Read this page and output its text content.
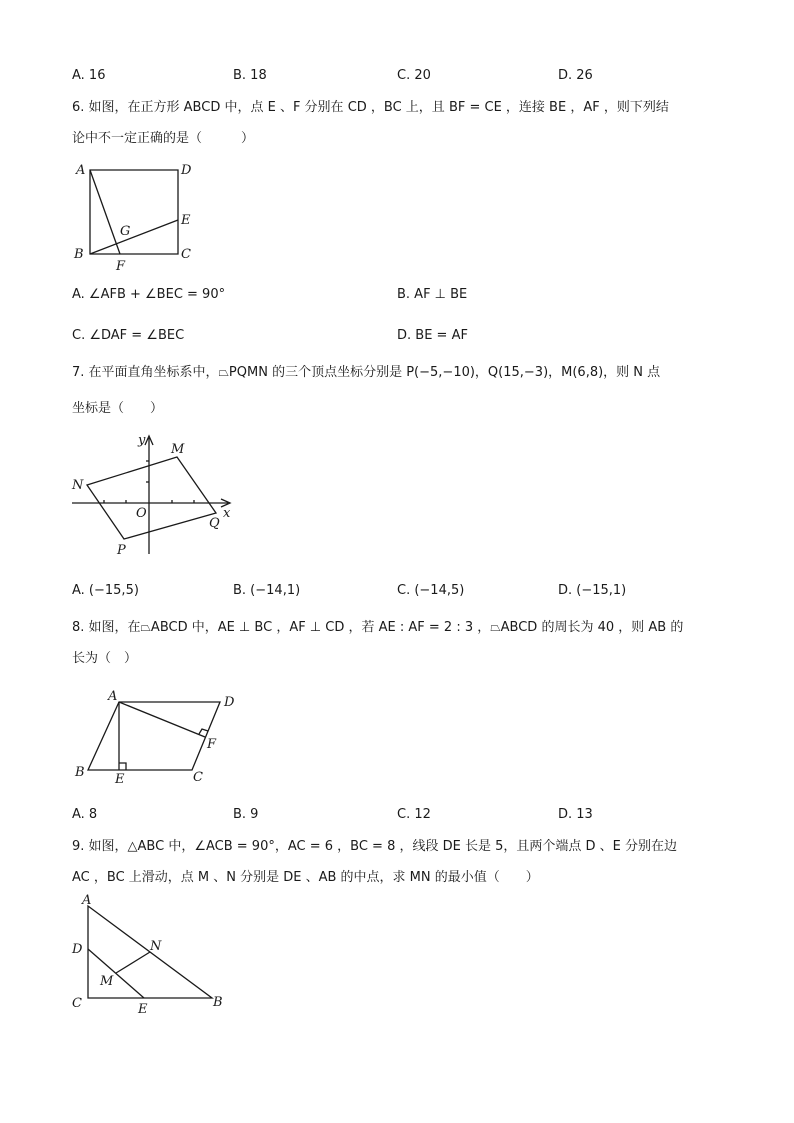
A. 16	B. 18	C. 20	D. 26
6. 如图，在正方形 ABCD 中，点 E 、F 分别在 CD ，BC 上，且 BF = CE ，连接 BE ，AF ，则下列结
论中不一定正确的是（　　　）
A	D
E
G
B	C
F
A. ∠AFB + ∠BEC = 90°	B. AF ⊥ BE
C. ∠DAF = ∠BEC	D. BE = AF
7. 在平面直角坐标系中，⏢PQMN 的三个顶点坐标分别是 P(−5,−10)，Q(15,−3)，M(6,8)，则 N 点
坐标是（　　）
y
M
N
O	x
Q
P
A. (−15,5)	B. (−14,1)	C. (−14,5)	D. (−15,1)
8. 如图，在⏢ABCD 中，AE ⊥ BC ，AF ⊥ CD ，若 AE : AF = 2 : 3 ，⏢ABCD 的周长为 40 ，则 AB 的
长为（　）
A	D
F
B E	C
A. 8	B. 9	C. 12	D. 13
9. 如图，△ABC 中，∠ACB = 90°，AC = 6 ，BC = 8 ，线段 DE 长是 5，且两个端点 D 、E 分别在边
AC ，BC 上滑动，点 M 、N 分别是 DE 、AB 的中点，求 MN 的最小值（　　）
A
N
D
M
C	E	B
